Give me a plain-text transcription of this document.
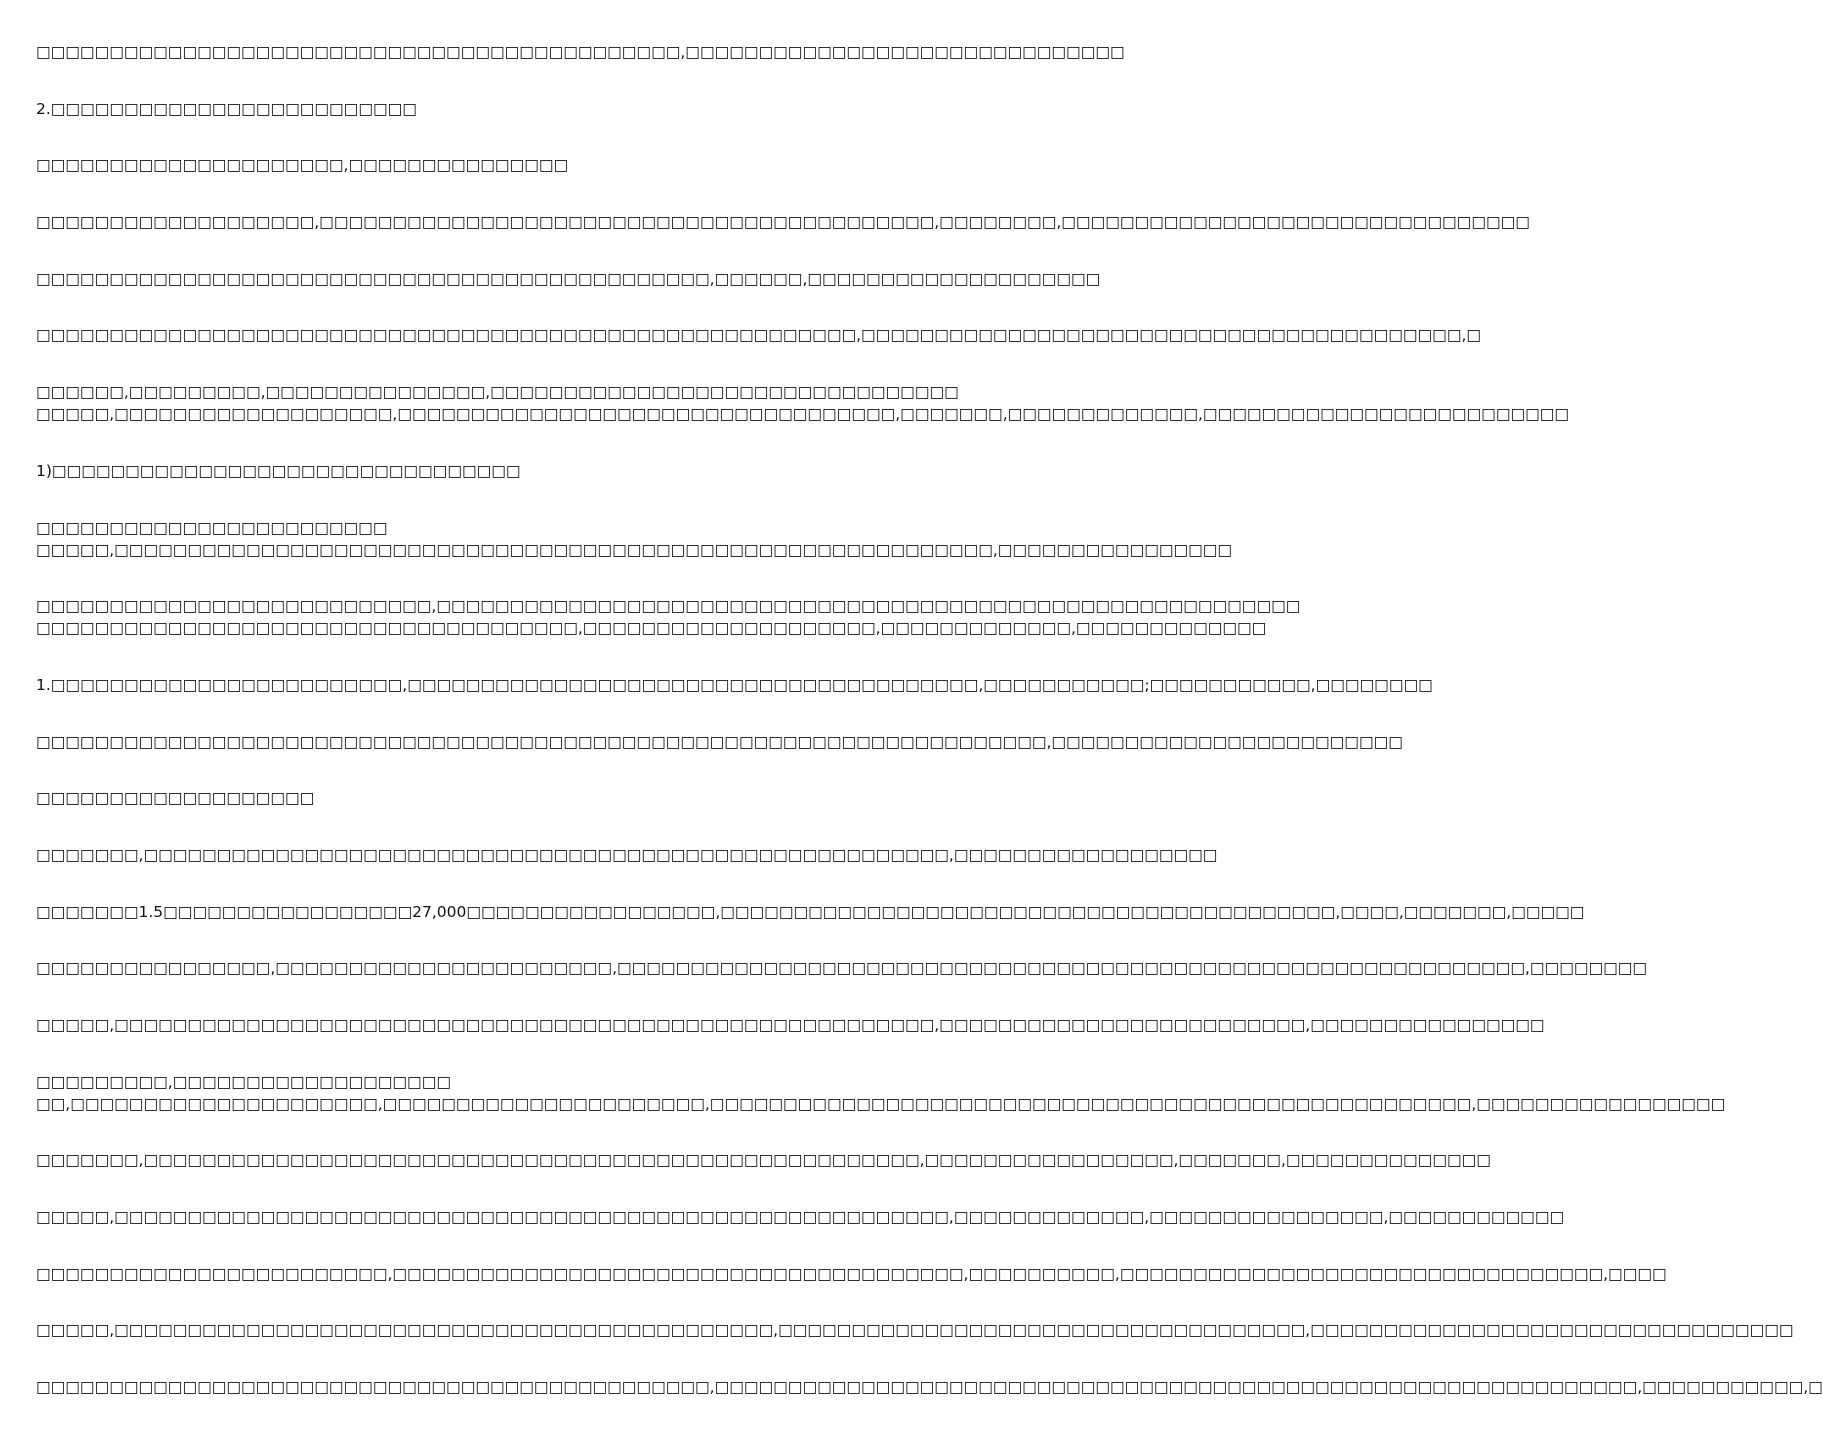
□□□□□□□□□□□□□□□□□□□□□□□□□□□□□□□□□□□□□□□□□□□□,□□□□□□□□□□□□□□□□□□□□□□□□□□□□□□

2.□□□□□□□□□□□□□□□□□□□□□□□□□

□□□□□□□□□□□□□□□□□□□□□,□□□□□□□□□□□□□□□

□□□□□□□□□□□□□□□□□□□,□□□□□□□□□□□□□□□□□□□□□□□□□□□□□□□□□□□□□□□□□□,□□□□□□□□,□□□□□□□□□□□□□□□□□□□□□□□□□□□□□□□□

□□□□□□□□□□□□□□□□□□□□□□□□□□□□□□□□□□□□□□□□□□□□□□,□□□□□□,□□□□□□□□□□□□□□□□□□□□

□□□□□□□□□□□□□□□□□□□□□□□□□□□□□□□□□□□□□□□□□□□□□□□□□□□□□□□□,□□□□□□□□□□□□□□□□□□□□□□□□□□□□□□□□□□□□□□□□□,□

□□□□□□,□□□□□□□□□,□□□□□□□□□□□□□□□,□□□□□□□□□□□□□□□□□□□□□□□□□□□□□□□□

□□□□□,□□□□□□□□□□□□□□□□□□□,□□□□□□□□□□□□□□□□□□□□□□□□□□□□□□□□□□,□□□□□□□,□□□□□□□□□□□□□,□□□□□□□□□□□□□□□□□□□□□□□□□

1)□□□□□□□□□□□□□□□□□□□□□□□□□□□□□□□□

□□□□□□□□□□□□□□□□□□□□□□□□

□□□□□,□□□□□□□□□□□□□□□□□□□□□□□□□□□□□□□□□□□□□□□□□□□□□□□□□□□□□□□□□□□□,□□□□□□□□□□□□□□□□

□□□□□□□□□□□□□□□□□□□□□□□□□□□,□□□□□□□□□□□□□□□□□□□□□□□□□□□□□□□□□□□□□□□□□□□□□□□□□□□□□□□□□□□

□□□□□□□□□□□□□□□□□□□□□□□□□□□□□□□□□□□□□,□□□□□□□□□□□□□□□□□□□□,□□□□□□□□□□□□□,□□□□□□□□□□□□□

1.□□□□□□□□□□□□□□□□□□□□□□□□,□□□□□□□□□□□□□□□□□□□□□□□□□□□□□□□□□□□□□□□,□□□□□□□□□□□;□□□□□□□□□□□,□□□□□□□□

□□□□□□□□□□□□□□□□□□□□□□□□□□□□□□□□□□□□□□□□□□□□□□□□□□□□□□□□□□□□□□□□□□□□□,□□□□□□□□□□□□□□□□□□□□□□□□

□□□□□□□□□□□□□□□□□□□

□□□□□□□,□□□□□□□□□□□□□□□□□□□□□□□□□□□□□□□□□□□□□□□□□□□□□□□□□□□□□□□,□□□□□□□□□□□□□□□□□□

□□□□□□□1.5□□□□□□□□□□□□□□□□□27,000□□□□□□□□□□□□□□□□□,□□□□□□□□□□□□□□□□□□□□□□□□□□□□□□□□□□□□□□□□□□,□□□□,□□□□□□□,□□□□□

□□□□□□□□□□□□□□□□,□□□□□□□□□□□□□□□□□□□□□□□,□□□□□□□□□□□□□□□□□□□□□□□□□□□□□□□□□□□□□□□□□□□□□□□□□□□□□□□□□□□□□□,□□□□□□□□

□□□□□,□□□□□□□□□□□□□□□□□□□□□□□□□□□□□□□□□□□□□□□□□□□□□□□□□□□□□□□□,□□□□□□□□□□□□□□□□□□□□□□□□□,□□□□□□□□□□□□□□□□

□□□□□□□□□,□□□□□□□□□□□□□□□□□□□

□□,□□□□□□□□□□□□□□□□□□□□□,□□□□□□□□□□□□□□□□□□□□□□,□□□□□□□□□□□□□□□□□□□□□□□□□□□□□□□□□□□□□□□□□□□□□□□□□□□□,□□□□□□□□□□□□□□□□□

□□□□□□□,□□□□□□□□□□□□□□□□□□□□□□□□□□□□□□□□□□□□□□□□□□□□□□□□□□□□□,□□□□□□□□□□□□□□□□□,□□□□□□□,□□□□□□□□□□□□□□

□□□□□,□□□□□□□□□□□□□□□□□□□□□□□□□□□□□□□□□□□□□□□□□□□□□□□□□□□□□□□□□,□□□□□□□□□□□□□,□□□□□□□□□□□□□□□□,□□□□□□□□□□□□

□□□□□□□□□□□□□□□□□□□□□□□□,□□□□□□□□□□□□□□□□□□□□□□□□□□□□□□□□□□□□□□□,□□□□□□□□□□,□□□□□□□□□□□□□□□□□□□□□□□□□□□□□□□□□,□□□□

□□□□□,□□□□□□□□□□□□□□□□□□□□□□□□□□□□□□□□□□□□□□□□□□□□□,□□□□□□□□□□□□□□□□□□□□□□□□□□□□□□□□□□□□,□□□□□□□□□□□□□□□□□□□□□□□□□□□□□□□□□

□□□□□□□□□□□□□□□□□□□□□□□□□□□□□□□□□□□□□□□□□□□□□□,□□□□□□□□□□□□□□□□□□□□□□□□□□□□□□□□□□□□□□□□□□□□□□□□□□□□□□□□□□□□□□□,□□□□□□□□□□□,□
